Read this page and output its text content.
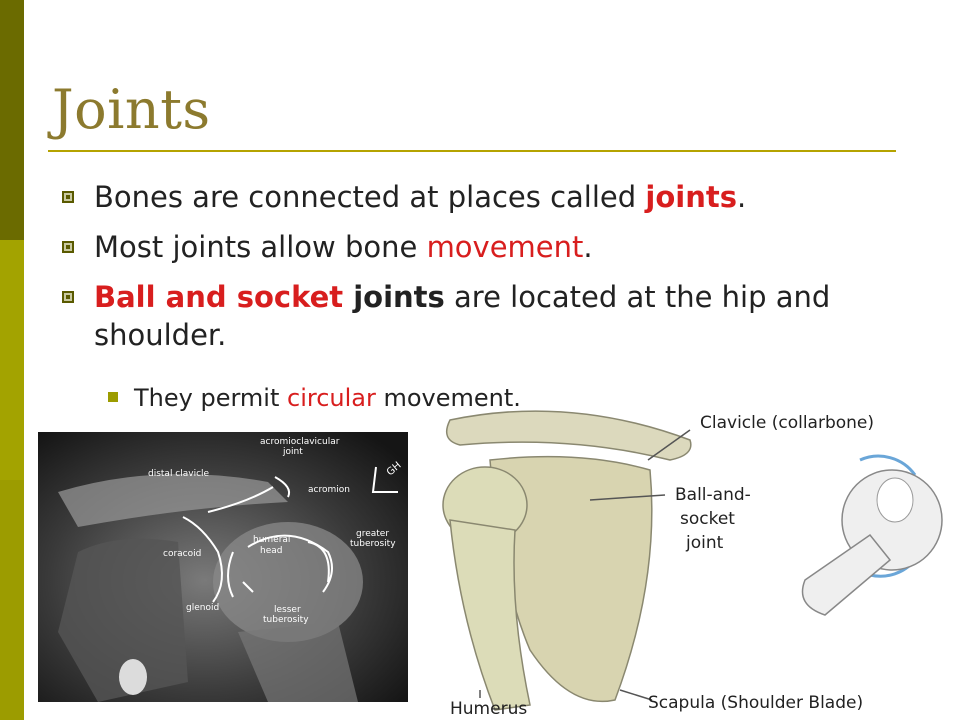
Joints
Bones are connected at places called joints.
Most joints allow bone movement.
Ball and socket joints are located at the hip and shoulder.
They permit circular movement.
acromioclavicular
joint
distal clavicle
acromion
coracoid
humeral
head
greater
tuberosity
glenoid	lesser
tuberosity
GH
Clavicle (collarbone)
Ball-and-
socket
joint
Humerus	Scapula (Shoulder Blade)
